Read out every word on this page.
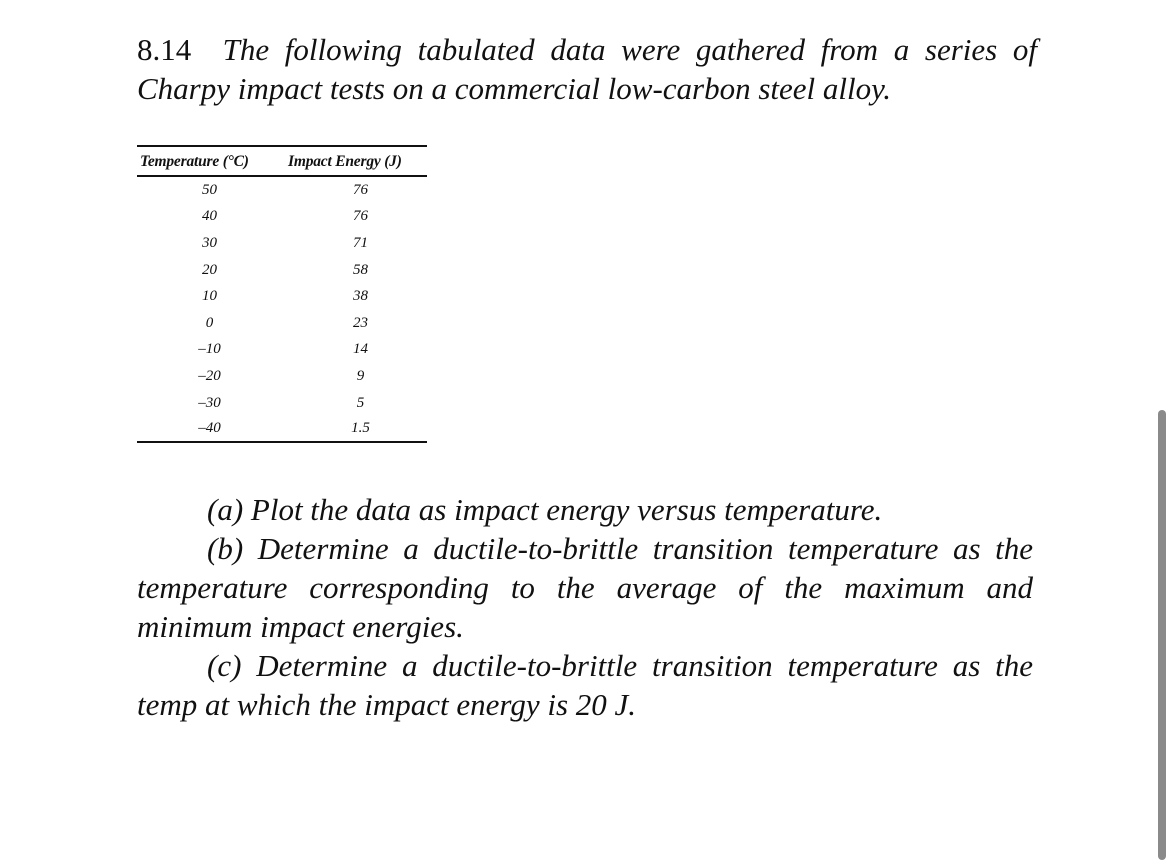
8.14 The following tabulated data were gathered from a series of Charpy impact tests on a commercial low-carbon steel alloy.
Temperature (°C)	Impact Energy (J)
50	76
40	76
30	71
20	58
10	38
0	23
–10	14
–20	9
–30	5
–40	1.5

(a) Plot the data as impact energy versus temperature.

(b) Determine a ductile-to-brittle transition temperature as the temperature corresponding to the average of the maximum and minimum impact energies.

(c) Determine a ductile-to-brittle transition temperature as the temp at which the impact energy is 20 J.
